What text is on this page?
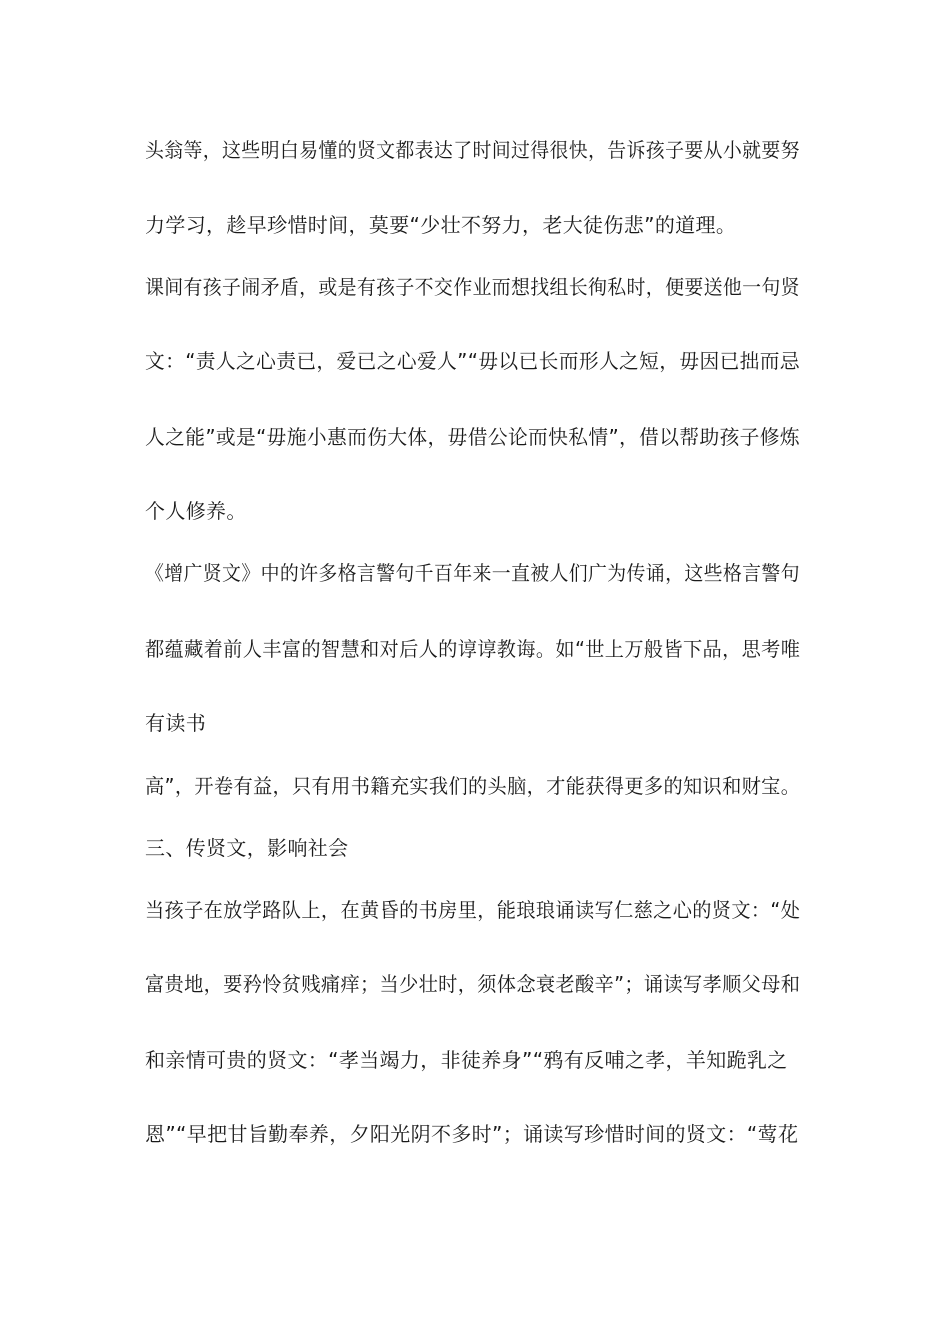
头翁等，这些明白易懂的贤文都表达了时间过得很快，告诉孩子要从小就要努
力学习，趁早珍惜时间，莫要“少壮不努力，老大徒伤悲”的道理。
课间有孩子闹矛盾，或是有孩子不交作业而想找组长徇私时，便要送他一句贤
文：“责人之心责已，爱已之心爱人”“毋以已长而形人之短，毋因已拙而忌
人之能”或是“毋施小惠而伤大体，毋借公论而快私情”，借以帮助孩子修炼
个人修养。
《增广贤文》中的许多格言警句千百年来一直被人们广为传诵，这些格言警句
都蕴藏着前人丰富的智慧和对后人的谆谆教诲。如“世上万般皆下品，思考唯
有读书
高”，开卷有益，只有用书籍充实我们的头脑，才能获得更多的知识和财宝。
三、传贤文，影响社会
当孩子在放学路队上，在黄昏的书房里，能琅琅诵读写仁慈之心的贤文：“处
富贵地，要矜怜贫贱痛痒；当少壮时，须体念衰老酸辛”；诵读写孝顺父母和
和亲情可贵的贤文：“孝当竭力，非徒养身”“鸦有反哺之孝，羊知跪乳之
恩”“早把甘旨勤奉养，夕阳光阴不多时”；诵读写珍惜时间的贤文：“莺花
